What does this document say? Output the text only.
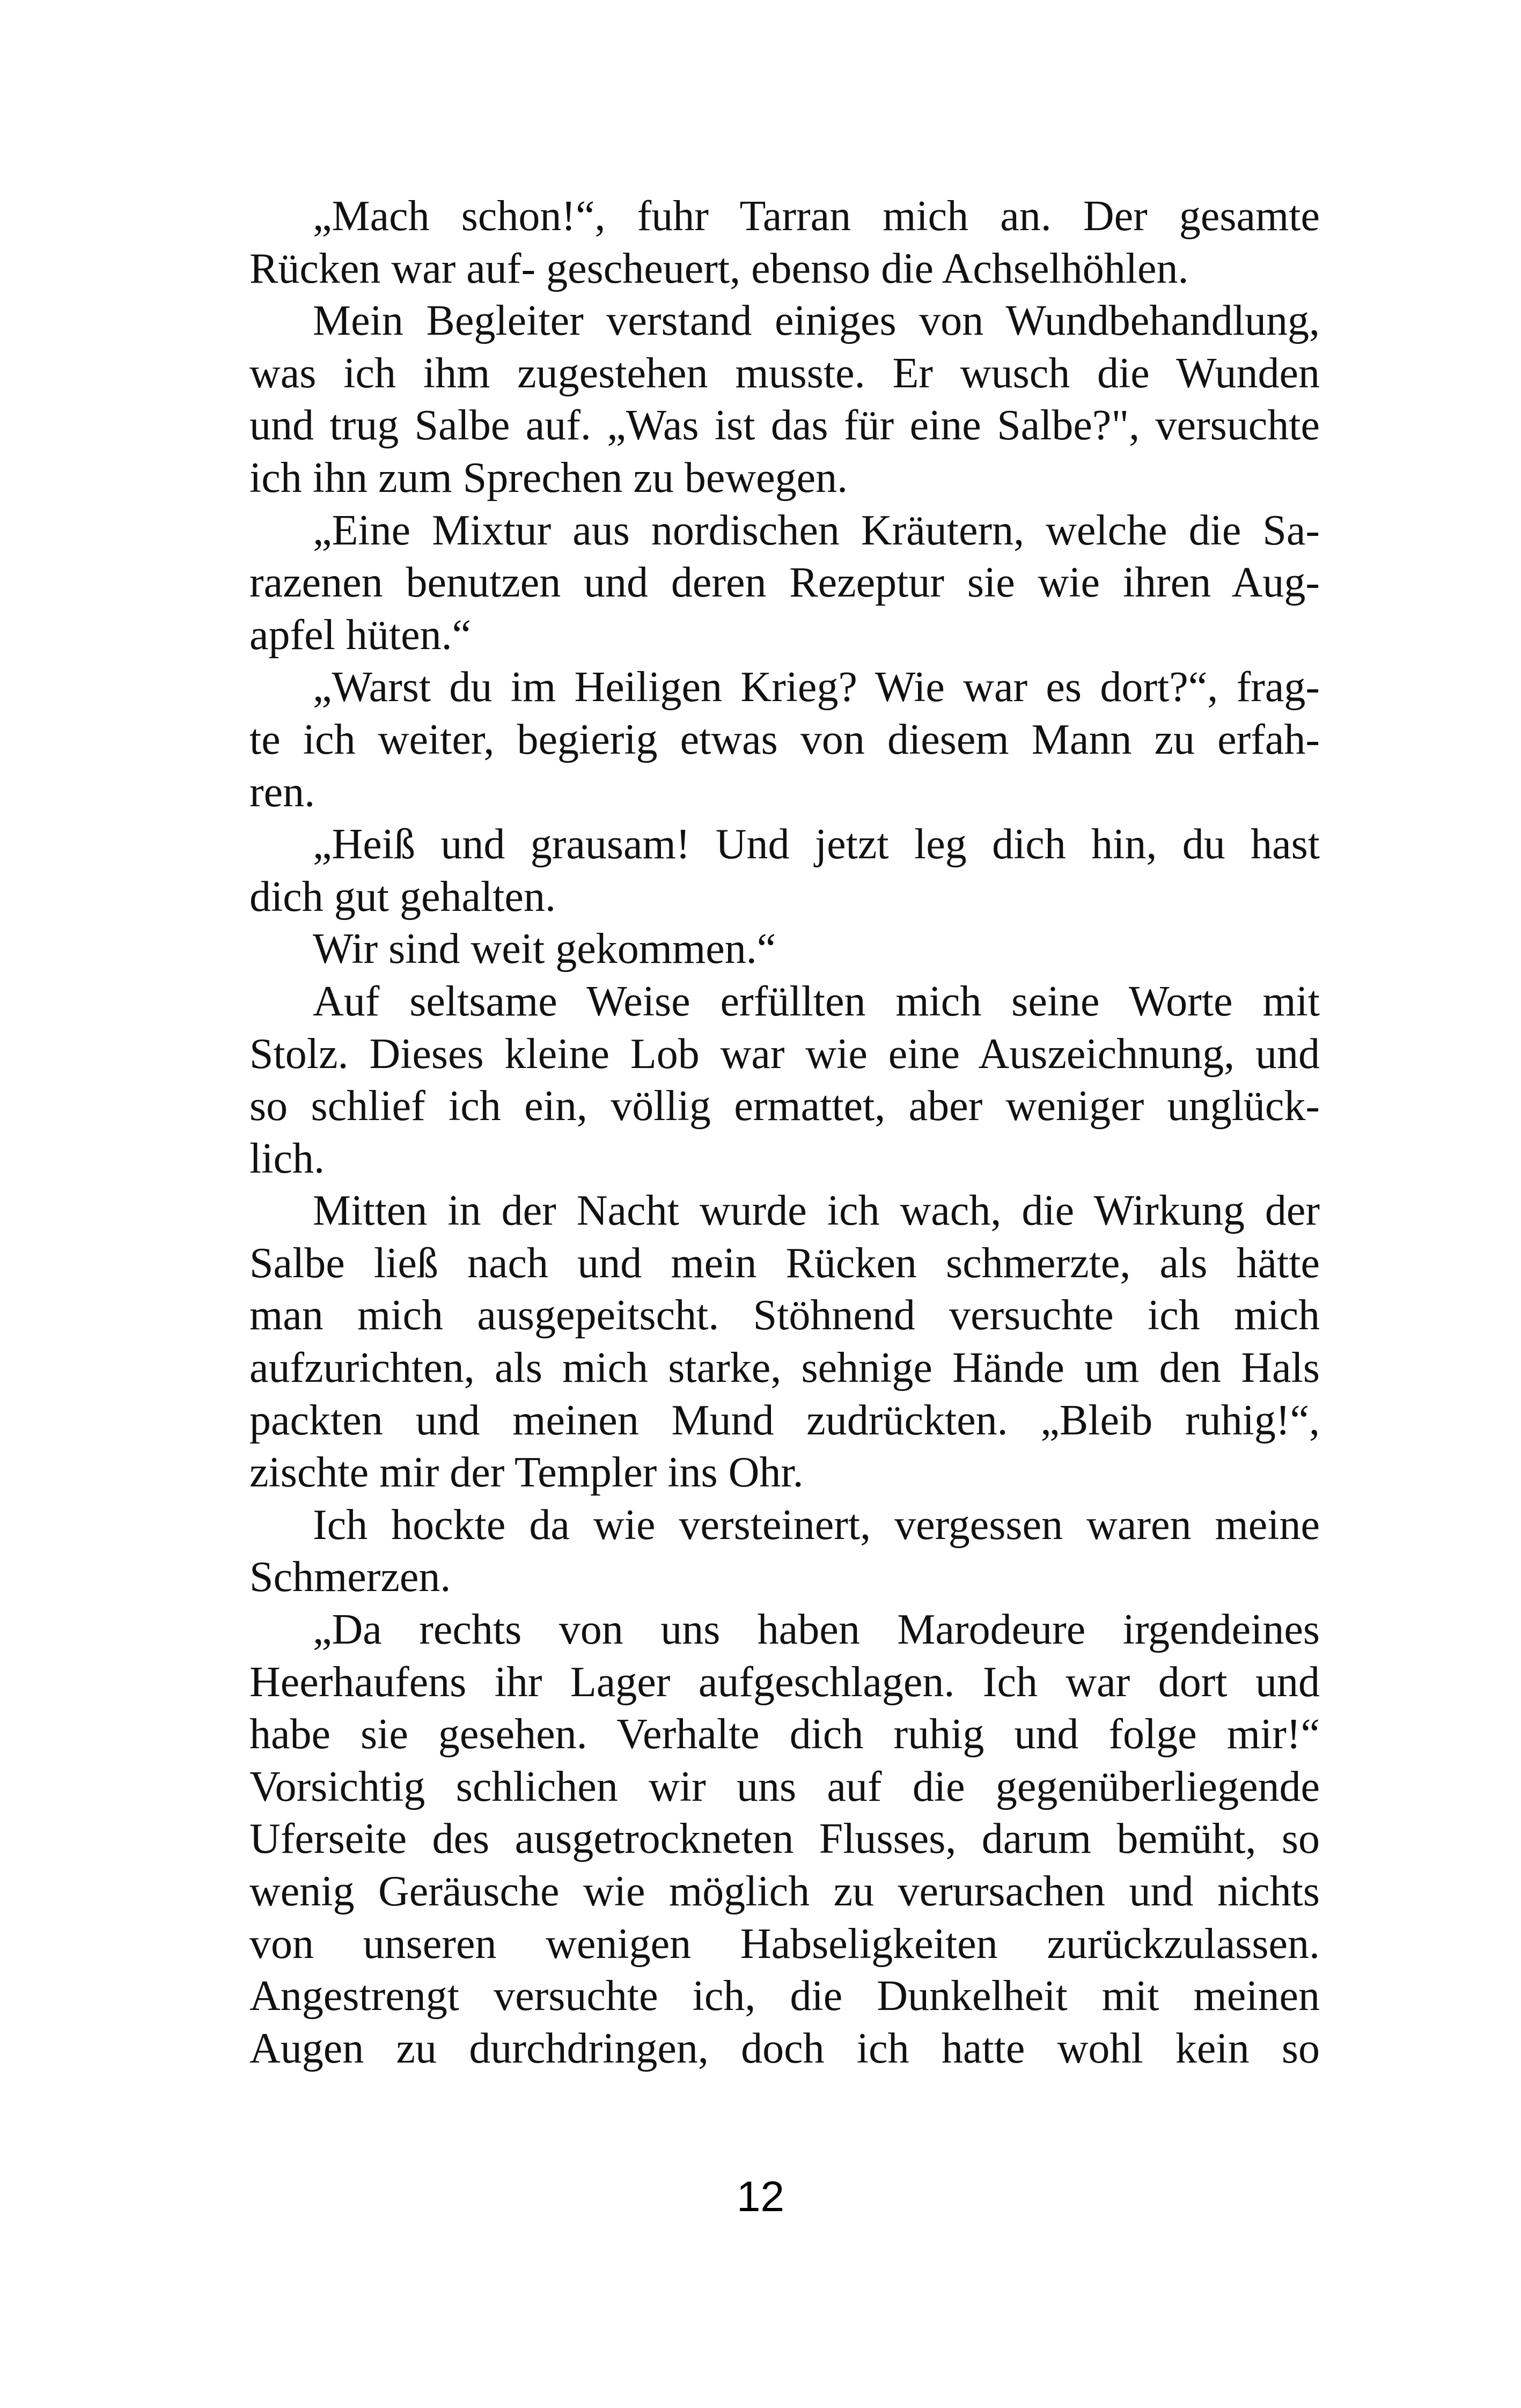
„Mach schon!“, fuhr Tarran mich an. Der gesamte
Rücken war auf- gescheuert, ebenso die Achselhöhlen.
Mein Begleiter verstand einiges von Wundbehandlung,
was ich ihm zugestehen musste. Er wusch die Wunden
und trug Salbe auf. „Was ist das für eine Salbe?", versuchte
ich ihn zum Sprechen zu bewegen.
„Eine Mixtur aus nordischen Kräutern, welche die Sa-
razenen benutzen und deren Rezeptur sie wie ihren Aug-
apfel hüten.“
„Warst du im Heiligen Krieg? Wie war es dort?“, frag-
te ich weiter, begierig etwas von diesem Mann zu erfah-
ren.
„Heiß und grausam! Und jetzt leg dich hin, du hast
dich gut gehalten.
Wir sind weit gekommen.“
Auf seltsame Weise erfüllten mich seine Worte mit
Stolz. Dieses kleine Lob war wie eine Auszeichnung, und
so schlief ich ein, völlig ermattet, aber weniger unglück-
lich.
Mitten in der Nacht wurde ich wach, die Wirkung der
Salbe ließ nach und mein Rücken schmerzte, als hätte
man mich ausgepeitscht. Stöhnend versuchte ich mich
aufzurichten, als mich starke, sehnige Hände um den Hals
packten und meinen Mund zudrückten. „Bleib ruhig!“,
zischte mir der Templer ins Ohr.
Ich hockte da wie versteinert, vergessen waren meine
Schmerzen.
„Da rechts von uns haben Marodeure irgendeines
Heerhaufens ihr Lager aufgeschlagen. Ich war dort und
habe sie gesehen. Verhalte dich ruhig und folge mir!“
Vorsichtig schlichen wir uns auf die gegenüberliegende
Uferseite des ausgetrockneten Flusses, darum bemüht, so
wenig Geräusche wie möglich zu verursachen und nichts
von unseren wenigen Habseligkeiten zurückzulassen.
Angestrengt versuchte ich, die Dunkelheit mit meinen
Augen zu durchdringen, doch ich hatte wohl kein so
12
